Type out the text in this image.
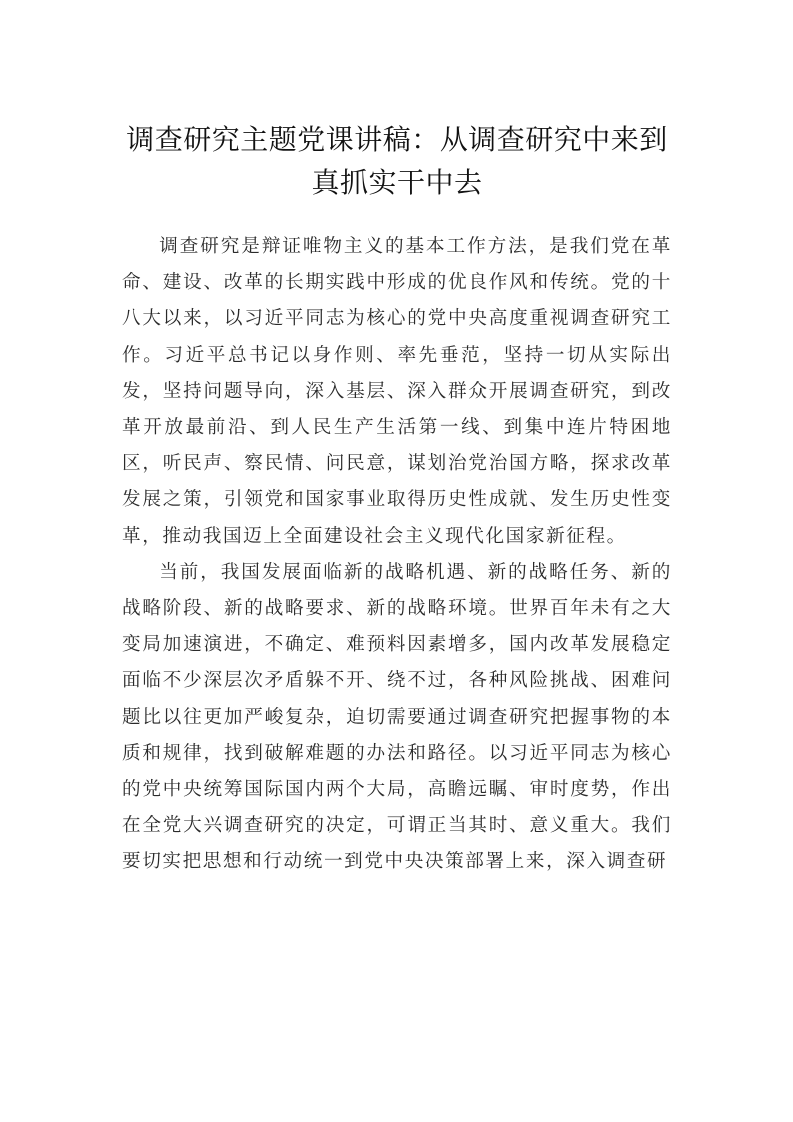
调查研究主题党课讲稿：从调查研究中来到
真抓实干中去

调查研究是辩证唯物主义的基本工作方法，是我们党在革命、建设、改革的长期实践中形成的优良作风和传统。党的十八大以来，以习近平同志为核心的党中央高度重视调查研究工作。习近平总书记以身作则、率先垂范，坚持一切从实际出发，坚持问题导向，深入基层、深入群众开展调查研究，到改革开放最前沿、到人民生产生活第一线、到集中连片特困地区，听民声、察民情、问民意，谋划治党治国方略，探求改革发展之策，引领党和国家事业取得历史性成就、发生历史性变革，推动我国迈上全面建设社会主义现代化国家新征程。

当前，我国发展面临新的战略机遇、新的战略任务、新的战略阶段、新的战略要求、新的战略环境。世界百年未有之大变局加速演进，不确定、难预料因素增多，国内改革发展稳定面临不少深层次矛盾躲不开、绕不过，各种风险挑战、困难问题比以往更加严峻复杂，迫切需要通过调查研究把握事物的本质和规律，找到破解难题的办法和路径。以习近平同志为核心的党中央统筹国际国内两个大局，高瞻远瞩、审时度势，作出在全党大兴调查研究的决定，可谓正当其时、意义重大。我们要切实把思想和行动统一到党中央决策部署上来，深入调查研
